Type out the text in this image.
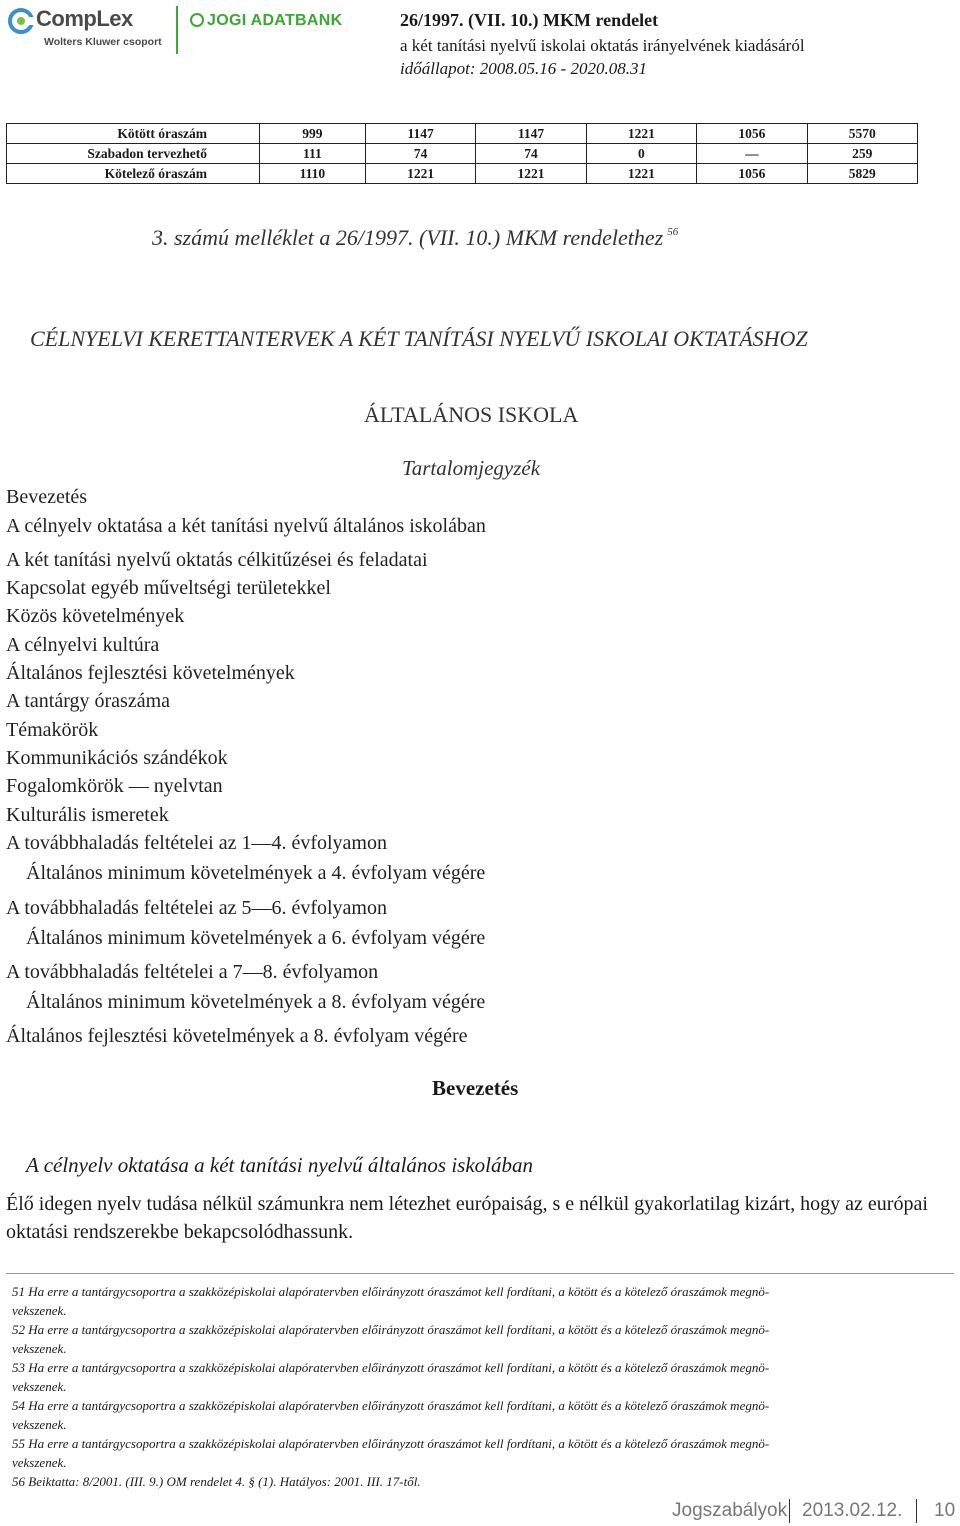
CompLex
Wolters Kluwer csoport
JOGI ADATBANK	26/1997. (VII. 10.) MKM rendelet
a két tanítási nyelvű iskolai oktatás irányelvének kiadásáról
időállapot: 2008.05.16 - 2020.08.31
Kötött óraszám	999	1147	1147	1221	1056	5570
Szabadon tervezhető	111	74	74	0	—	259
Kötelező óraszám	1110	1221	1221	1221	1056	5829
3. számú melléklet a 26/1997. (VII. 10.) MKM rendelethez $^{56}$
CÉLNYELVI KERETTANTERVEK A KÉT TANÍTÁSI NYELVŰ ISKOLAI OKTATÁSHOZ
ÁLTALÁNOS ISKOLA
Tartalomjegyzék
Bevezetés
A célnyelv oktatása a két tanítási nyelvű általános iskolában
A két tanítási nyelvű oktatás célkitűzései és feladatai
Kapcsolat egyéb műveltségi területekkel
Közös követelmények
A célnyelvi kultúra
Általános fejlesztési követelmények
A tantárgy óraszáma
Témakörök
Kommunikációs szándékok
Fogalomkörök — nyelvtan
Kulturális ismeretek
A továbbhaladás feltételei az 1—4. évfolyamon
Általános minimum követelmények a 4. évfolyam végére
A továbbhaladás feltételei az 5—6. évfolyamon
Általános minimum követelmények a 6. évfolyam végére
A továbbhaladás feltételei a 7—8. évfolyamon
Általános minimum követelmények a 8. évfolyam végére
Általános fejlesztési követelmények a 8. évfolyam végére
Bevezetés
A célnyelv oktatása a két tanítási nyelvű általános iskolában
Élő idegen nyelv tudása nélkül számunkra nem létezhet európaiság, s e nélkül gyakorlatilag kizárt, hogy az európai oktatási rendszerekbe bekapcsolódhassunk.
51 Ha erre a tantárgycsoportra a szakközépiskolai alapóratervben előirányzott óraszámot kell fordítani, a kötött és a kötelező óraszámok megnö-
vekszenek.
52 Ha erre a tantárgycsoportra a szakközépiskolai alapóratervben előirányzott óraszámot kell fordítani, a kötött és a kötelező óraszámok megnö-
vekszenek.
53 Ha erre a tantárgycsoportra a szakközépiskolai alapóratervben előirányzott óraszámot kell fordítani, a kötött és a kötelező óraszámok megnö-
vekszenek.
54 Ha erre a tantárgycsoportra a szakközépiskolai alapóratervben előirányzott óraszámot kell fordítani, a kötött és a kötelező óraszámok megnö-
vekszenek.
55 Ha erre a tantárgycsoportra a szakközépiskolai alapóratervben előirányzott óraszámot kell fordítani, a kötött és a kötelező óraszámok megnö-
vekszenek.
56 Beiktatta: 8/2001. (III. 9.) OM rendelet 4. § (1). Hatályos: 2001. III. 17-től.
Jogszabályok 2013.02.12. 10
